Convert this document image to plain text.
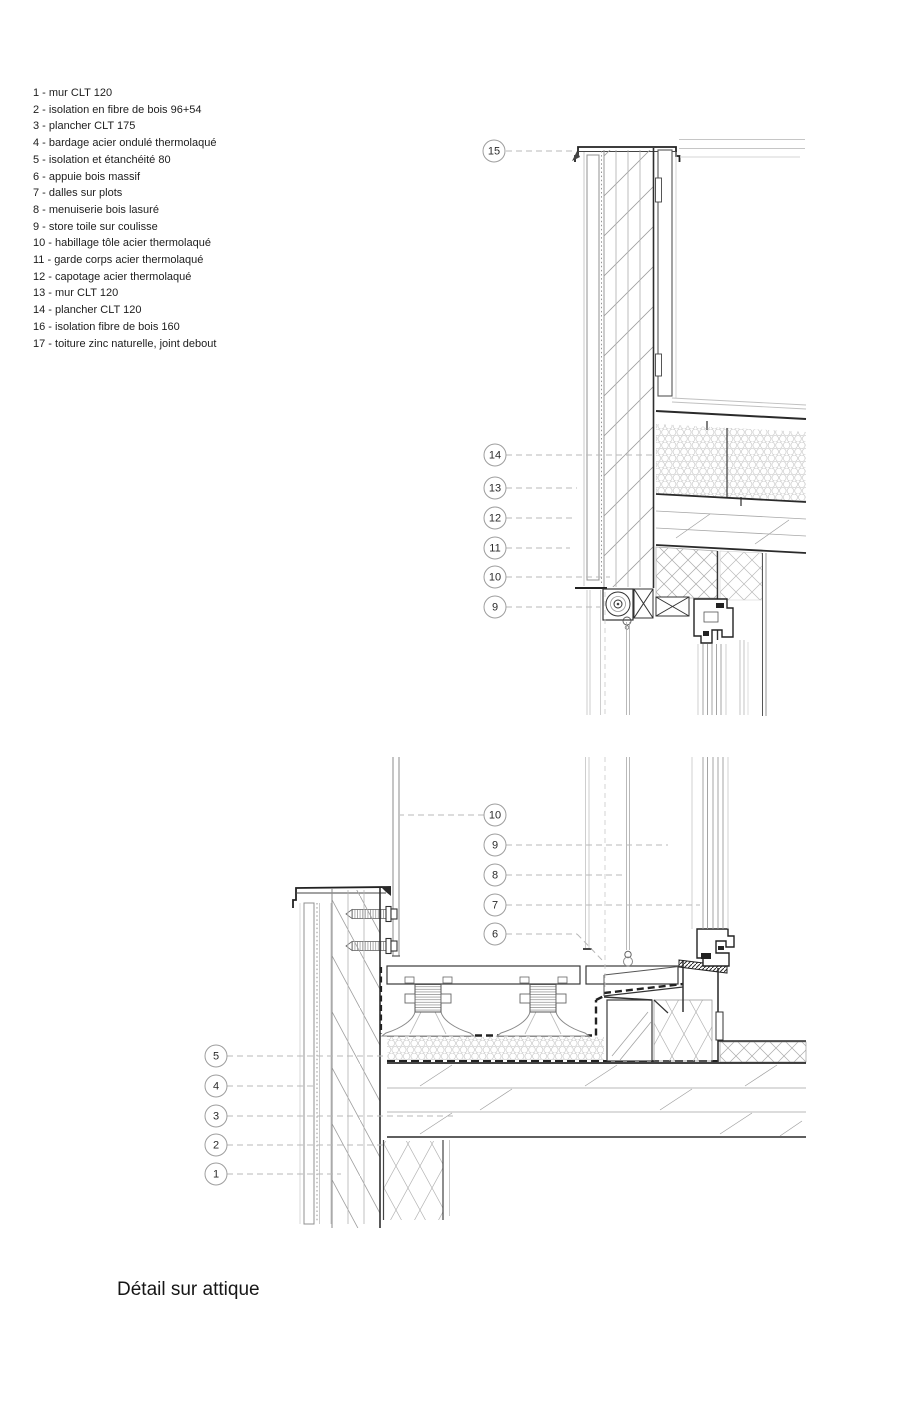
1 - mur CLT 120
2 - isolation en fibre de bois 96+54
3 - plancher CLT 175
4 - bardage acier ondulé thermolaqué
5 - isolation et étanchéité 80
6 - appuie bois massif
7 - dalles sur plots
8 - menuiserie bois lasuré
9 - store toile sur coulisse
10 - habillage tôle acier thermolaqué
11 - garde corps acier thermolaqué
12 - capotage acier thermolaqué
13 - mur CLT 120
14 - plancher CLT 120
16 - isolation fibre de bois 160
17 - toiture zinc naturelle, joint debout
15
14
13
12
11
10
9
10
9
8
7
6
5
4
3
2
1
Détail sur attique
